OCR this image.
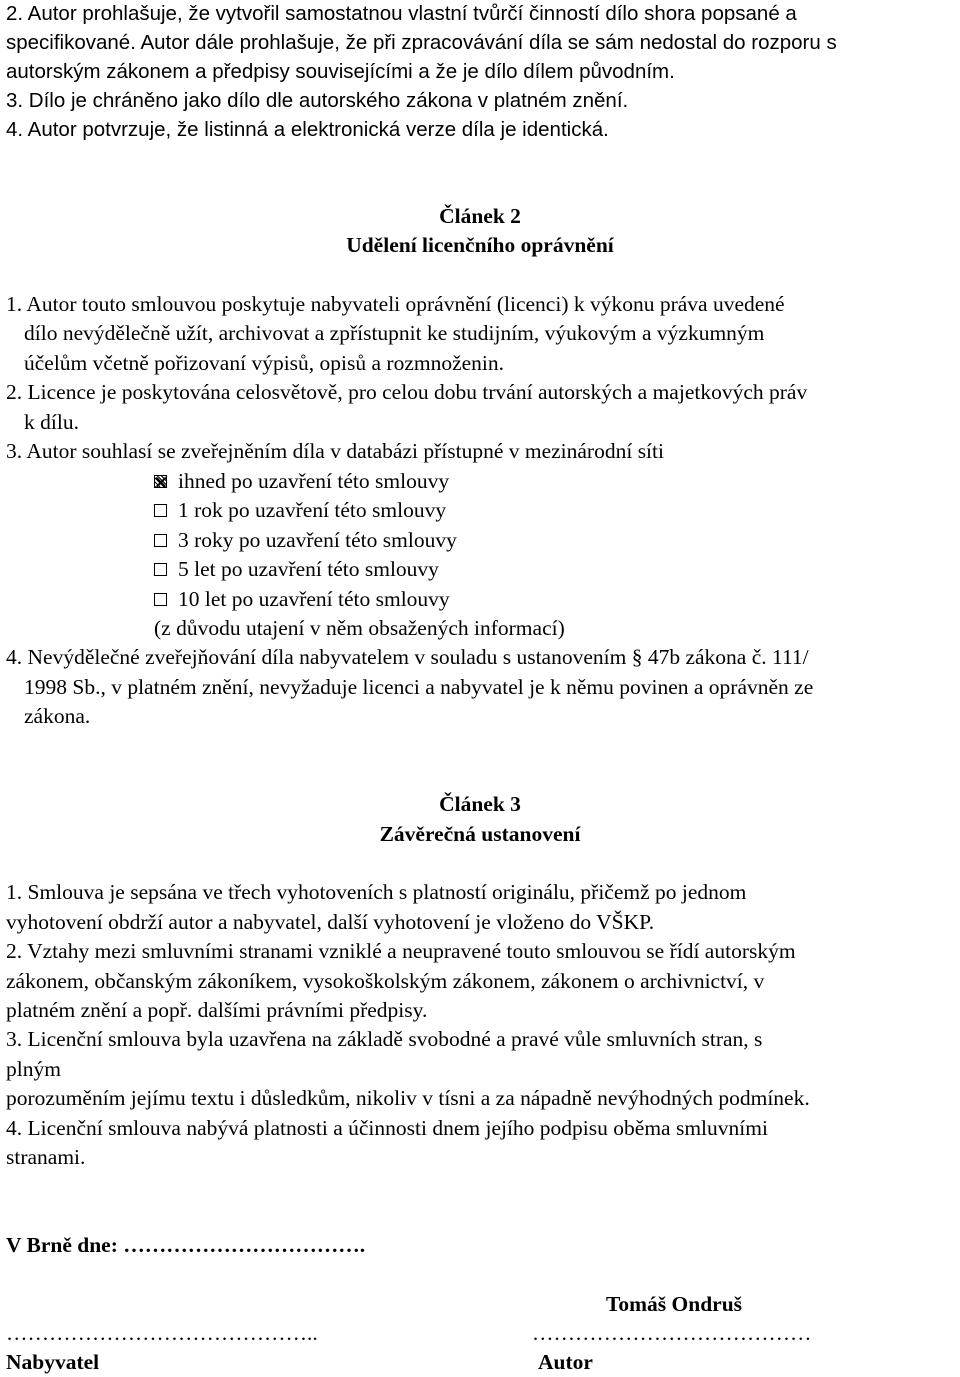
2. Autor prohlašuje, že vytvořil samostatnou vlastní tvůrčí činností dílo shora popsané a
specifikované. Autor dále prohlašuje, že při zpracovávání díla se sám nedostal do rozporu s
autorským zákonem a předpisy souvisejícími a že je dílo dílem původním.
3. Dílo je chráněno jako dílo dle autorského zákona v platném znění.
4. Autor potvrzuje, že listinná a elektronická verze díla je identická.
Článek 2
Udělení licenčního oprávnění
1. Autor touto smlouvou poskytuje nabyvateli oprávnění (licenci) k výkonu práva uvedené
dílo nevýdělečně užít, archivovat a zpřístupnit ke studijním, výukovým a výzkumným
účelům včetně pořizovaní výpisů, opisů a rozmnoženin.
2. Licence je poskytována celosvětově, pro celou dobu trvání autorských a majetkových práv
k dílu.
3. Autor souhlasí se zveřejněním díla v databázi přístupné v mezinárodní síti
ihned po uzavření této smlouvy
1 rok po uzavření této smlouvy
3 roky po uzavření této smlouvy
5 let po uzavření této smlouvy
10 let po uzavření této smlouvy
(z důvodu utajení v něm obsažených informací)
4. Nevýdělečné zveřejňování díla nabyvatelem v souladu s ustanovením § 47b zákona č. 111/
1998 Sb., v platném znění, nevyžaduje licenci a nabyvatel je k němu povinen a oprávněn ze
zákona.
Článek 3
Závěrečná ustanovení
1. Smlouva je sepsána ve třech vyhotoveních s platností originálu, přičemž po jednom
vyhotovení obdrží autor a nabyvatel, další vyhotovení je vloženo do VŠKP.
2. Vztahy mezi smluvními stranami vzniklé a neupravené touto smlouvou se řídí autorským
zákonem, občanským zákoníkem, vysokoškolským zákonem, zákonem o archivnictví, v
platném znění a popř. dalšími právními předpisy.
3. Licenční smlouva byla uzavřena na základě svobodné a pravé vůle smluvních stran, s
plným
porozuměním jejímu textu i důsledkům, nikoliv v tísni a za nápadně nevýhodných podmínek.
4. Licenční smlouva nabývá platnosti a účinnosti dnem jejího podpisu oběma smluvními
stranami.
V Brně dne: …………………………….
Tomáš Ondruš
……………………………………..	…………………………………
Nabyvatel	Autor
